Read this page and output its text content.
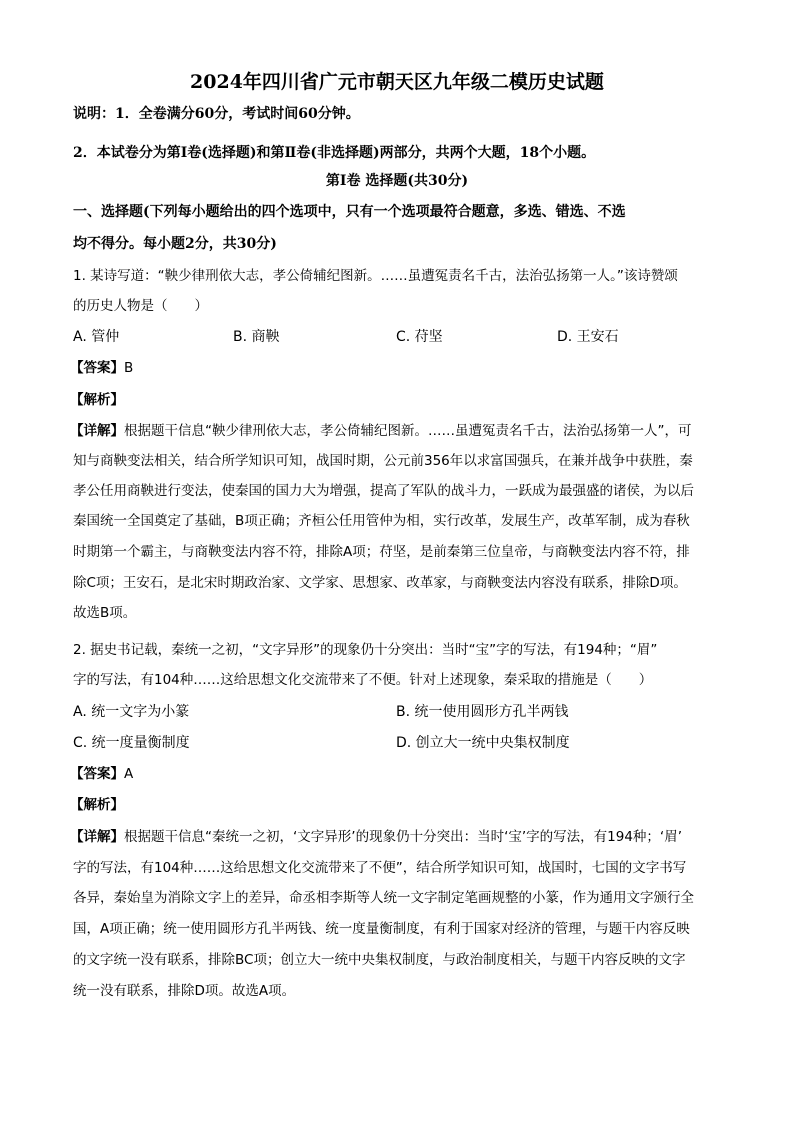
2024年四川省广元市朝天区九年级二模历史试题
说明：1．全卷满分60分，考试时间60分钟。
2．本试卷分为第Ⅰ卷(选择题)和第Ⅱ卷(非选择题)两部分，共两个大题，18个小题。
第Ⅰ卷 选择题(共30分)
一、选择题(下列每小题给出的四个选项中，只有一个选项最符合题意，多选、错选、不选
均不得分。每小题2分，共30分)
1. 某诗写道：“鞅少律刑依大志，孝公倚辅纪图新。……虽遭冤责名千古，法治弘扬第一人。”该诗赞颂
的历史人物是（　　）
A. 管仲	B. 商鞅	C. 苻坚	D. 王安石
【答案】B
【解析】
【详解】根据题干信息“鞅少律刑依大志，孝公倚辅纪图新。……虽遭冤责名千古，法治弘扬第一人”，可
知与商鞅变法相关，结合所学知识可知，战国时期，公元前356年以求富国强兵，在兼并战争中获胜，秦
孝公任用商鞅进行变法，使秦国的国力大为增强，提高了军队的战斗力，一跃成为最强盛的诸侯，为以后
秦国统一全国奠定了基础，B项正确；齐桓公任用管仲为相，实行改革，发展生产，改革军制，成为春秋
时期第一个霸主，与商鞅变法内容不符，排除A项；苻坚，是前秦第三位皇帝，与商鞅变法内容不符，排
除C项；王安石，是北宋时期政治家、文学家、思想家、改革家，与商鞅变法内容没有联系，排除D项。
故选B项。
2. 据史书记载，秦统一之初，“文字异形”的现象仍十分突出：当时“宝”字的写法，有194种；“眉”
字的写法，有104种……这给思想文化交流带来了不便。针对上述现象，秦采取的措施是（　　）
A. 统一文字为小篆	B. 统一使用圆形方孔半两钱
C. 统一度量衡制度	D. 创立大一统中央集权制度
【答案】A
【解析】
【详解】根据题干信息“秦统一之初，‘文字异形’的现象仍十分突出：当时‘宝’字的写法，有194种；‘眉’
字的写法，有104种……这给思想文化交流带来了不便”，结合所学知识可知，战国时，七国的文字书写
各异，秦始皇为消除文字上的差异，命丞相李斯等人统一文字制定笔画规整的小篆，作为通用文字颁行全
国，A项正确；统一使用圆形方孔半两钱、统一度量衡制度，有利于国家对经济的管理，与题干内容反映
的文字统一没有联系，排除BC项；创立大一统中央集权制度，与政治制度相关，与题干内容反映的文字
统一没有联系，排除D项。故选A项。
